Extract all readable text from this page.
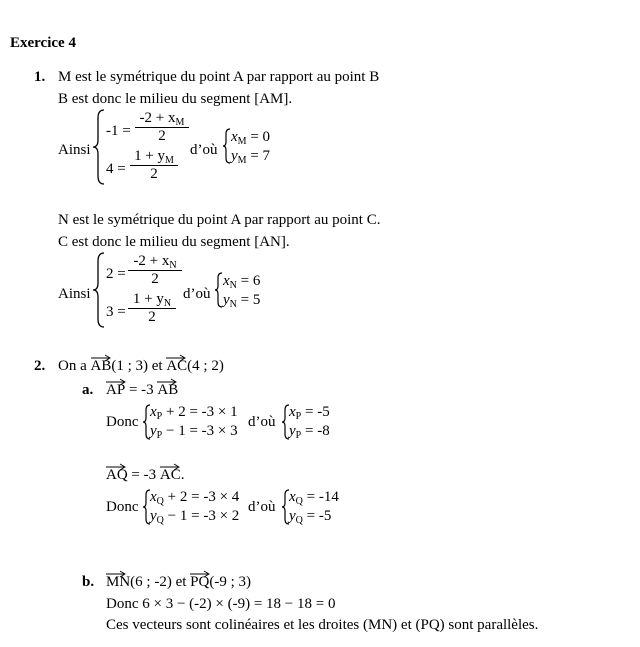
Exercice 4
1. M est le symétrique du point A par rapport au point B
B est donc le milieu du segment [AM].
Ainsi
-1 =
$-2 + x_M$
2
4 =
$1 + y_M$
2
d’où
$x_M = 0$
$y_M = 7$
N est le symétrique du point A par rapport au point C.
C est donc le milieu du segment [AN].
Ainsi
2 =
$-2 + x_N$
2
3 =
$1 + y_N$
2
d’où
$x_N = 6$
$y_N = 5$
2. On a
AB(1 ; 3) et
AC(4 ; 2)
a. AP = -3
AB
Donc
$x_P + 2 = -3 \times 1$
$y_P - 1 = -3 \times 3$
d’où
$x_P = -5$
$y_P = -8$
AQ = -3
AC.
Donc
$x_Q + 2 = -3 \times 4$
$y_Q - 1 = -3 \times 2$
d’où
$x_Q = -14$
$y_Q = -5$
b. MN(6 ; -2) et
PQ(-9 ; 3)
Donc 6 × 3 − (-2) × (-9) = 18 − 18 = 0
Ces vecteurs sont colinéaires et les droites (MN) et (PQ) sont parallèles.
